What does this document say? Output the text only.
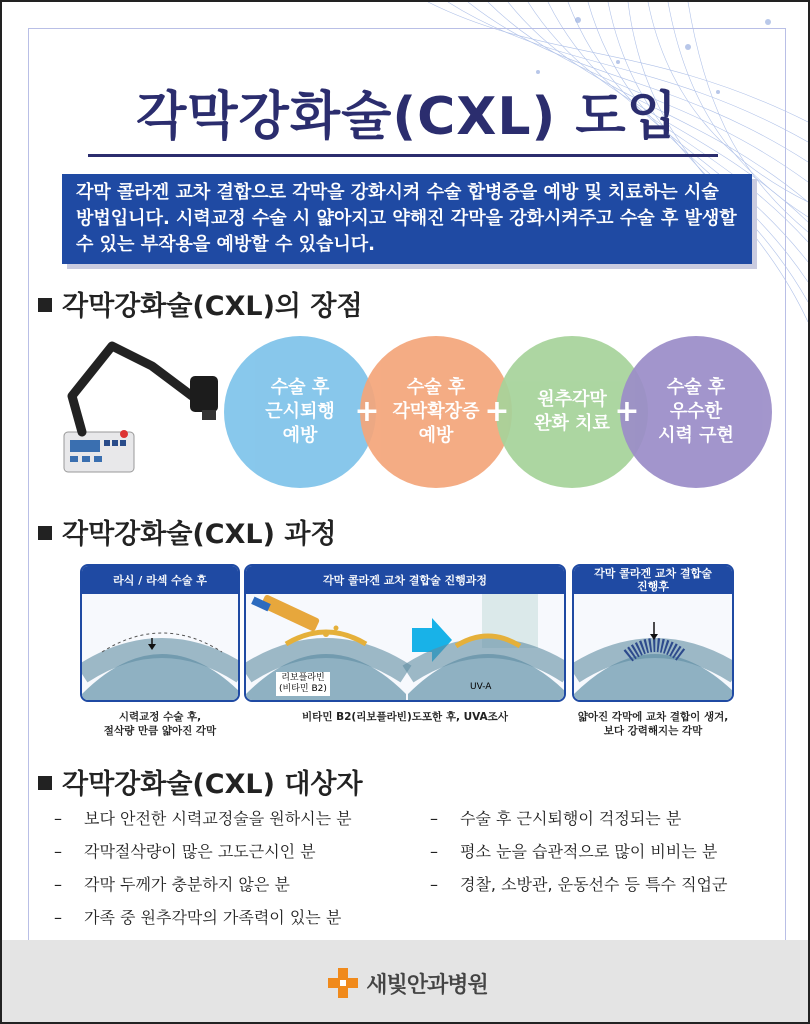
각막강화술(CXL) 도입
각막 콜라겐 교차 결합으로 각막을 강화시켜 수술 합병증을 예방 및 치료하는 시술 방법입니다. 시력교정 수술 시 얇아지고 약해진 각막을 강화시켜주고 수술 후 발생할 수 있는 부작용을 예방할 수 있습니다.
각막강화술(CXL)의 장점
수술 후
근시퇴행
예방
수술 후
각막확장증
예방
원추각막
완화 치료
수술 후
우수한
시력 구현
+	+	+
각막강화술(CXL) 과정
라식 / 라섹 수술 후	각막 콜라겐 교차 결합술 진행과정
리보플라빈
(비타민 B2)	UV-A
각막 콜라겐 교차 결합술
진행후
시력교정 수술 후,
절삭량 만큼 얇아진 각막
비타민 B2(리보플라빈)도포한 후, UVA조사	얇아진 각막에 교차 결합이 생겨,
보다 강력해지는 각막
각막강화술(CXL) 대상자
– 보다 안전한 시력교정술을 원하시는 분
– 각막절삭량이 많은 고도근시인 분
– 각막 두께가 충분하지 않은 분
– 가족 중 원추각막의 가족력이 있는 분
– 수술 후 근시퇴행이 걱정되는 분
– 평소 눈을 습관적으로 많이 비비는 분
– 경찰, 소방관, 운동선수 등 특수 직업군
새빛안과병원
